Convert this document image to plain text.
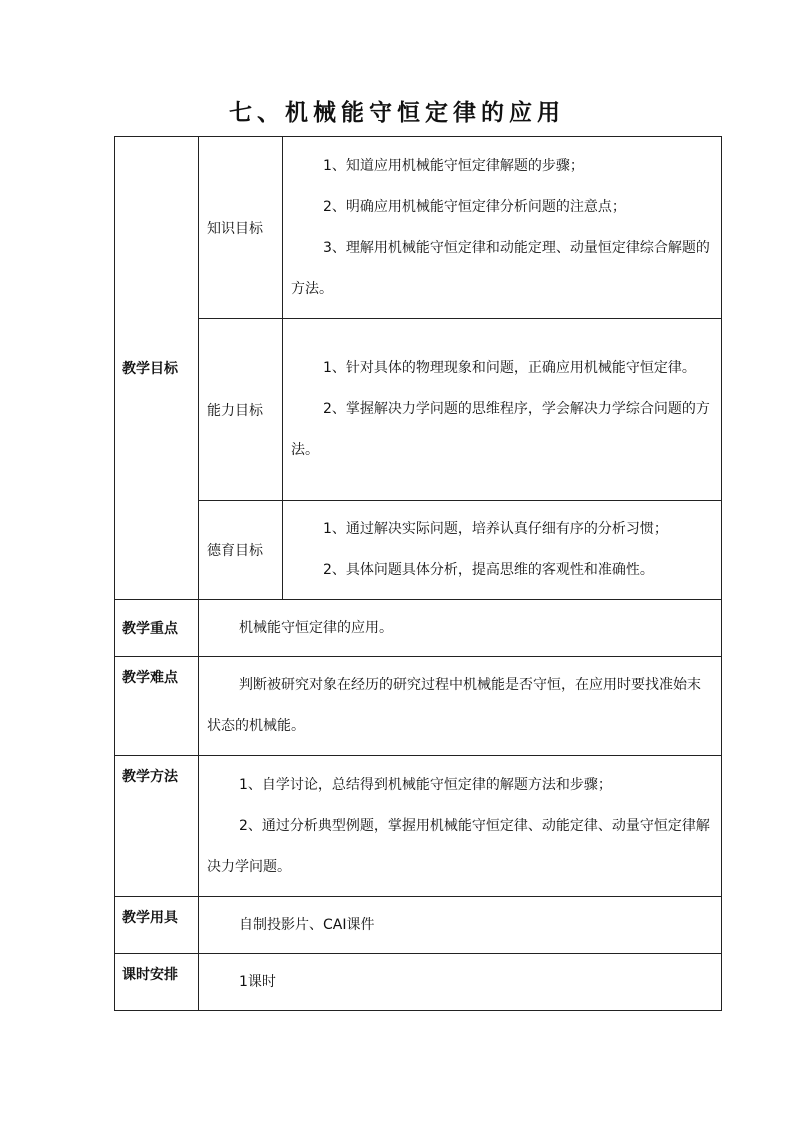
七、机械能守恒定律的应用
教学目标	知识目标	1、知道应用机械能守恒定律解题的步骤；

2、明确应用机械能守恒定律分析问题的注意点；

3、理解用机械能守恒定律和动能定理、动量恒定律综合解题的方法。

	能力目标	1、针对具体的物理现象和问题，正确应用机械能守恒定律。

2、掌握解决力学问题的思维程序，学会解决力学综合问题的方法。

	德育目标	1、通过解决实际问题，培养认真仔细有序的分析习惯；

2、具体问题具体分析，提高思维的客观性和准确性。

教学重点	机械能守恒定律的应用。	

教学难点	判断被研究对象在经历的研究过程中机械能是否守恒，在应用时要找准始末状态的机械能。	

教学方法	1、自学讨论，总结得到机械能守恒定律的解题方法和步骤；

2、通过分析典型例题，掌握用机械能守恒定律、动能定律、动量守恒定律解决力学问题。	

教学用具	自制投影片、CAI课件	

课时安排	1课时	
